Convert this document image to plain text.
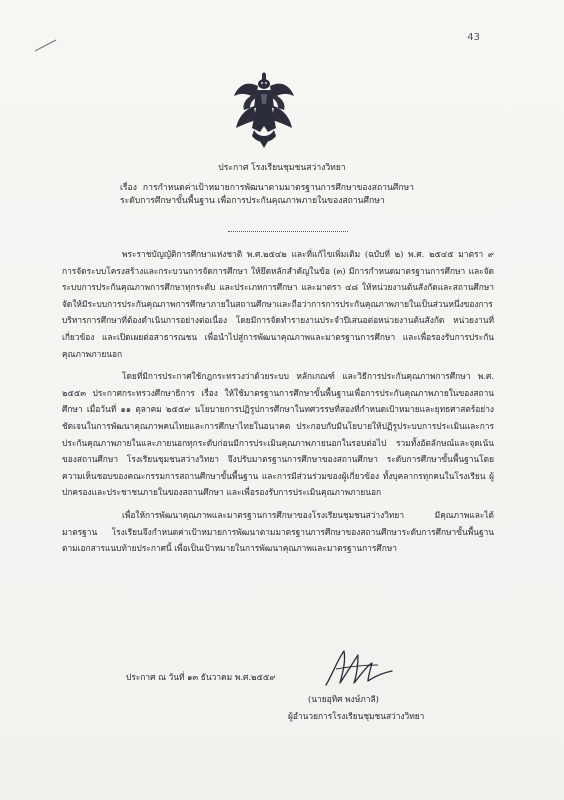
43

ประกาศ โรงเรียนชุมชนสว่างวิทยา

เรื่อง การกำหนดค่าเป้าหมายการพัฒนาตามมาตรฐานการศึกษาของสถานศึกษา
ระดับการศึกษาขั้นพื้นฐาน เพื่อการประกันคุณภาพภายในของสถานศึกษา

พระราชบัญญัติการศึกษาแห่งชาติ พ.ศ.๒๕๔๒ และที่แก้ไขเพิ่มเติม (ฉบับที่ ๒) พ.ศ. ๒๕๔๕ มาตรา ๙ การจัดระบบโครงสร้างและกระบวนการจัดการศึกษา ให้ยึดหลักสำคัญในข้อ (๓) มีการกำหนดมาตรฐานการศึกษา และจัดระบบการประกันคุณภาพการศึกษาทุกระดับ และประเภทการศึกษา และมาตรา ๔๘ ให้หน่วยงานต้นสังกัดและสถานศึกษาจัดให้มีระบบการประกันคุณภาพการศึกษาภายในสถานศึกษาและถือว่าการการประกันคุณภาพภายในเป็นส่วนหนึ่งของการบริหารการศึกษาที่ต้องดำเนินการอย่างต่อเนื่อง โดยมีการจัดทำรายงานประจำปีเสนอต่อหน่วยงานต้นสังกัด หน่วยงานที่เกี่ยวข้อง และเปิดเผยต่อสาธารณชน เพื่อนำไปสู่การพัฒนาคุณภาพและมาตรฐานการศึกษา และเพื่อรองรับการประกันคุณภาพภายนอก

โดยที่มีการประกาศใช้กฎกระทรวงว่าด้วยระบบ หลักเกณฑ์ และวิธีการประกันคุณภาพการศึกษา พ.ศ. ๒๕๕๓ ประกาศกระทรวงศึกษาธิการ เรื่อง ให้ใช้มาตรฐานการศึกษาขั้นพื้นฐานเพื่อการประกันคุณภาพภายในของสถานศึกษา เมื่อวันที่ ๑๑ ตุลาคม ๒๕๕๙ นโยบายการปฏิรูปการศึกษาในทศวรรษที่สองที่กำหนดเป้าหมายและยุทธศาสตร์อย่างชัดเจนในการพัฒนาคุณภาพคนไทยและการศึกษาไทยในอนาคต ประกอบกับมีนโยบายให้ปฏิรูประบบการประเมินและการประกันคุณภาพภายในและภายนอกทุกระดับก่อนมีการประเมินคุณภาพภายนอกในรอบต่อไป รวมทั้งอัตลักษณ์และจุดเน้นของสถานศึกษา โรงเรียนชุมชนสว่างวิทยา จึงปรับมาตรฐานการศึกษาของสถานศึกษา ระดับการศึกษาขั้นพื้นฐานโดยความเห็นชอบของคณะกรรมการสถานศึกษาขั้นพื้นฐาน และการมีส่วนร่วมของผู้เกี่ยวข้อง ทั้งบุคลากรทุกคนในโรงเรียน ผู้ปกครองและประชาชนภายในของสถานศึกษา และเพื่อรองรับการประเมินคุณภาพภายนอก

เพื่อให้การพัฒนาคุณภาพและมาตรฐานการศึกษาของโรงเรียนชุมชนสว่างวิทยา มีคุณภาพและได้มาตรฐาน โรงเรียนจึงกำหนดค่าเป้าหมายการพัฒนาตามมาตรฐานการศึกษาของสถานศึกษาระดับการศึกษาขั้นพื้นฐาน ตามเอกสารแนบท้ายประกาศนี้ เพื่อเป็นเป้าหมายในการพัฒนาคุณภาพและมาตรฐานการศึกษา

ประกาศ ณ วันที่ ๑๓ ธันวาคม พ.ศ.๒๕๕๙
(นายอุทิศ พงษ์ภาลี)
ผู้อำนวยการโรงเรียนชุมชนสว่างวิทยา
